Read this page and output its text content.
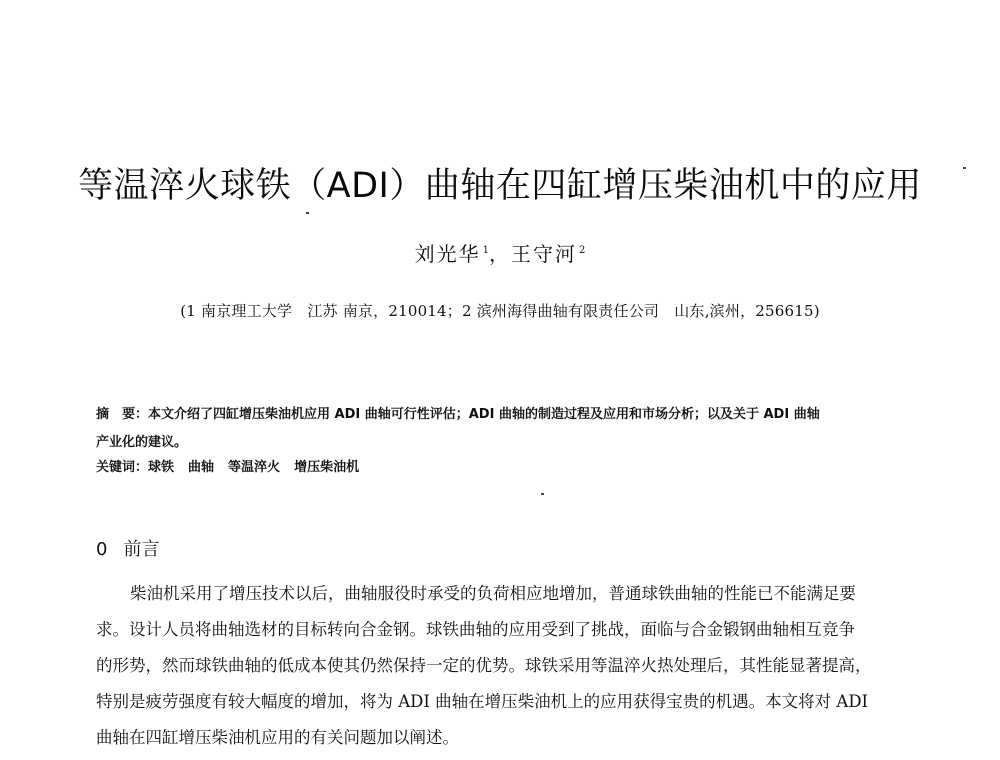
等温淬火球铁（ADI）曲轴在四缸增压柴油机中的应用
刘光华 $^1$，王守河 $^2$
(1 南京理工大学　江苏 南京，210014；2 滨州海得曲轴有限责任公司　山东,滨州，256615)
摘　要：本文介绍了四缸增压柴油机应用 ADI 曲轴可行性评估；ADI 曲轴的制造过程及应用和市场分析；以及关于 ADI 曲轴
产业化的建议。
关键词：球铁 曲轴 等温淬火 增压柴油机
0 前言
柴油机采用了增压技术以后，曲轴服役时承受的负荷相应地增加，普通球铁曲轴的性能已不能满足要
求。设计人员将曲轴选材的目标转向合金钢。球铁曲轴的应用受到了挑战，面临与合金锻钢曲轴相互竞争
的形势，然而球铁曲轴的低成本使其仍然保持一定的优势。球铁采用等温淬火热处理后，其性能显著提高，
特别是疲劳强度有较大幅度的增加，将为 ADI 曲轴在增压柴油机上的应用获得宝贵的机遇。本文将对 ADI
曲轴在四缸增压柴油机应用的有关问题加以阐述。
